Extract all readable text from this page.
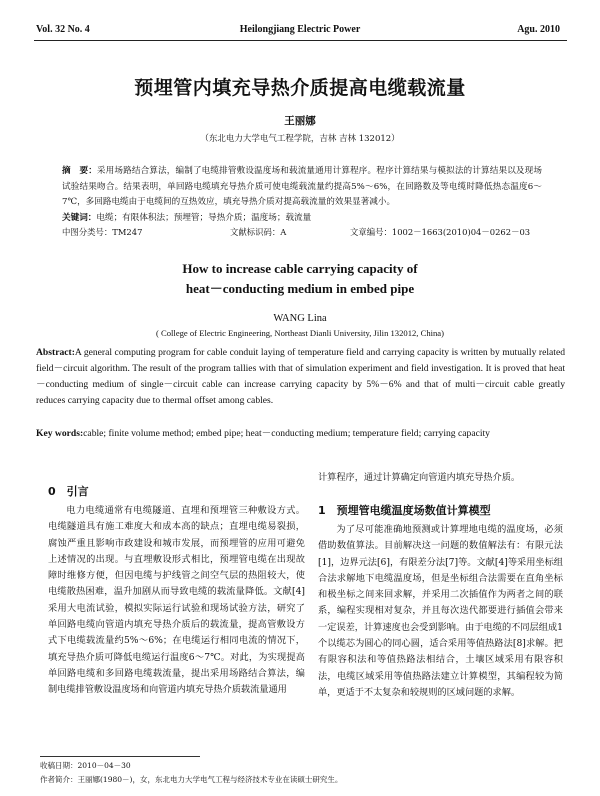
Vol. 32 No. 4	Heilongjiang Electric Power	Agu. 2010
预埋管内填充导热介质提高电缆载流量
王丽娜
（东北电力大学电气工程学院，吉林 吉林 132012）
摘　要：采用场路结合算法，编制了电缆排管敷设温度场和载流量通用计算程序。程序计算结果与模拟法的计算结果以及现场试验结果吻合。结果表明，单回路电缆填充导热介质可使电缆载流量约提高5%～6%，在回路数及等电缆时降低热态温度6～7℃，多回路电缆由于电缆间的互热效应，填充导热介质对提高载流量的效果显著减小。
关键词：电缆；有限体积法；预埋管；导热介质；温度场；载流量
中图分类号：TM247	文献标识码：A	文章编号：1002－1663(2010)04－0262－03
How to increase cable carrying capacity of
heat－conducting medium in embed pipe
WANG Lina
( College of Electric Engineering, Northeast Dianli University, Jilin 132012, China)
Abstract:A general computing program for cable conduit laying of temperature field and carrying capacity is written by mutually related field－circuit algorithm. The result of the program tallies with that of simulation experiment and field investigation. It is proved that heat－conducting medium of single－circuit cable can increase carrying capacity by 5%－6% and that of multi－circuit cable greatly reduces carrying capacity due to thermal offset among cables.
Key words:cable; finite volume method; embed pipe; heat－conducting medium; temperature field; carrying capacity
0　引言

电力电缆通常有电缆隧道、直埋和预埋管三种敷设方式。电缆隧道具有施工难度大和成本高的缺点；直埋电缆易裂损，腐蚀严重且影响市政建设和城市发展，而预埋管的应用可避免上述情况的出现。与直埋敷设形式相比，预埋管电缆在出现故障时维修方便，但因电缆与护线管之间空气层的热阻较大，使电缆散热困难，温升加剧从而导致电缆的载流量降低。文献[4]采用大电流试验，模拟实际运行试验和现场试验方法，研究了单回路电缆向管道内填充导热介质后的载流量，提高管敷设方式下电缆载流量约5%～6%；在电缆运行相同电流的情况下，填充导热介质可降低电缆运行温度6～7℃。对此，为实现提高单回路电缆和多回路电缆载流量，提出采用场路结合算法，编制电缆排管敷设温度场和向管道内填充导热介质载流量通用

计算程序，通过计算确定向管道内填充导热介质。

1　预埋管电缆温度场数值计算模型

为了尽可能准确地预测或计算埋地电缆的温度场，必须借助数值算法。目前解决这一问题的数值解法有：有限元法[1]，边界元法[6]，有限差分法[7]等。文献[4]等采用坐标组合法求解地下电缆温度场，但是坐标组合法需要在直角坐标和极坐标之间来回求解，并采用二次插值作为两者之间的联系，编程实现相对复杂，并且每次迭代都要进行插值会带来一定误差，计算速度也会受到影响。由于电缆的不同层组成1个以缆芯为圆心的同心圆，适合采用等值热路法[8]求解。把有限容积法和等值热路法相结合，土壤区域采用有限容积法，电缆区域采用等值热路法建立计算模型，其编程较为简单，更适于不太复杂和较规则的区域问题的求解。

收稿日期：2010－04－30
作者简介：王丽娜(1980－)，女，东北电力大学电气工程与经济技术专业在读硕士研究生。
